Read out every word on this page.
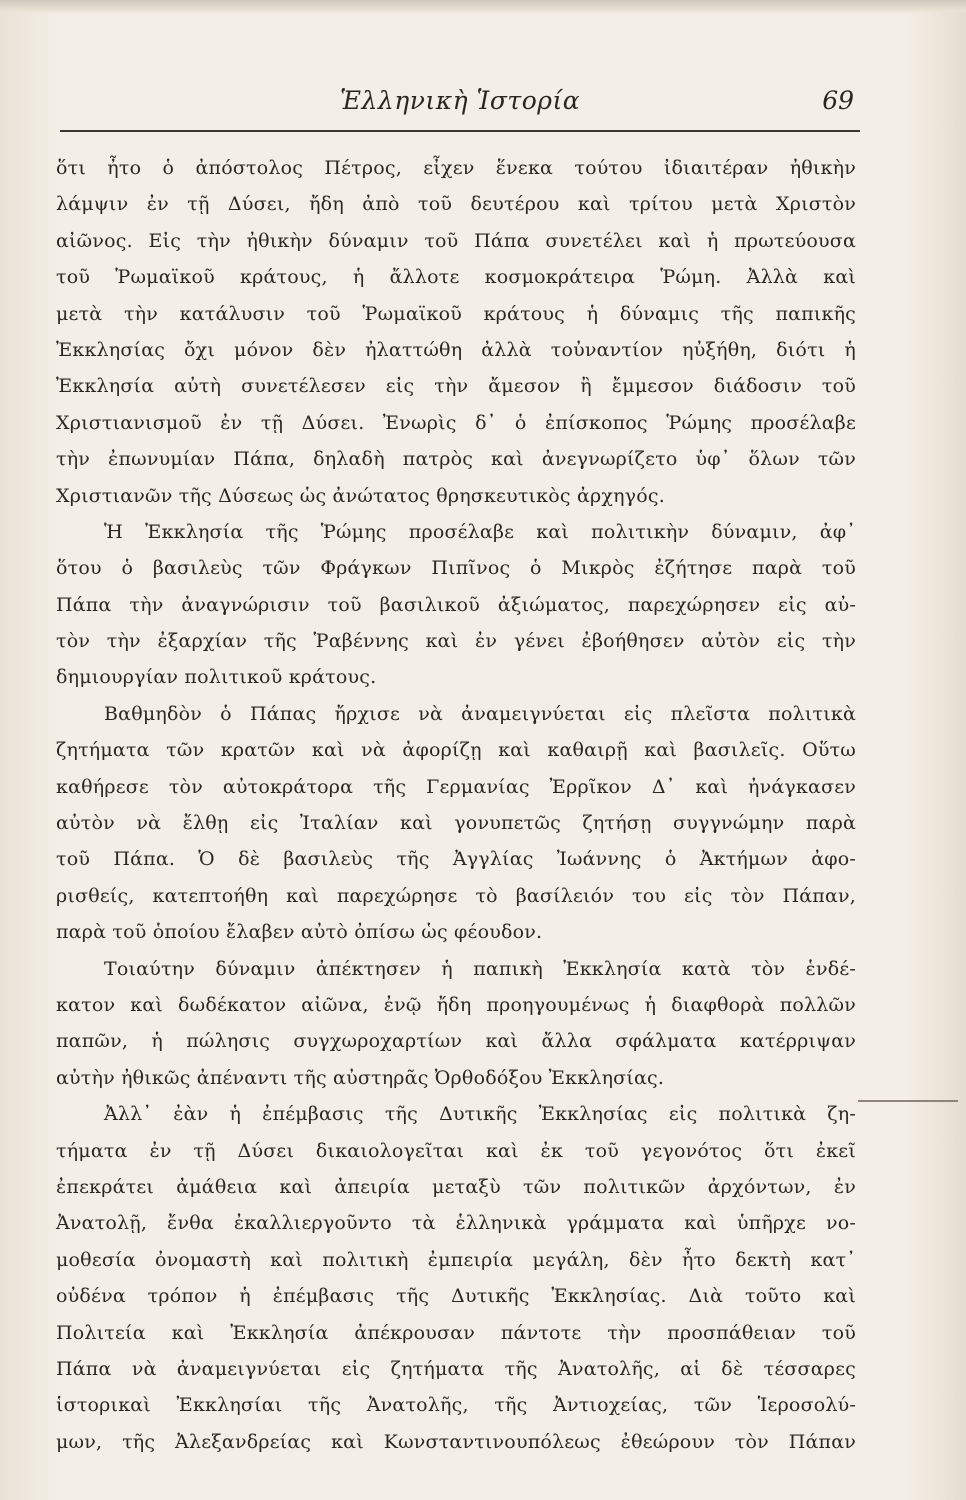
Ἑλληνικὴ Ἱστορία	69
ὅτι ἦτο ὁ ἀπόστολος Πέτρος, εἶχεν ἕνεκα τούτου ἰδιαιτέραν ἠθικὴν
λάμψιν ἐν τῇ Δύσει, ἤδη ἀπὸ τοῦ δευτέρου καὶ τρίτου μετὰ Χριστὸν
αἰῶνος. Εἰς τὴν ἠθικὴν δύναμιν τοῦ Πάπα συνετέλει καὶ ἡ πρωτεύουσα
τοῦ Ῥωμαϊκοῦ κράτους, ἡ ἄλλοτε κοσμοκράτειρα Ῥώμη. Ἀλλὰ καὶ
μετὰ τὴν κατάλυσιν τοῦ Ῥωμαϊκοῦ κράτους ἡ δύναμις τῆς παπικῆς
Ἐκκλησίας ὄχι μόνον δὲν ἠλαττώθη ἀλλὰ τοὐναντίον ηὐξήθη, διότι ἡ
Ἐκκλησία αὐτὴ συνετέλεσεν εἰς τὴν ἄμεσον ἢ ἔμμεσον διάδοσιν τοῦ
Χριστιανισμοῦ ἐν τῇ Δύσει. Ἐνωρὶς δ᾽ ὁ ἐπίσκοπος Ῥώμης προσέλαβε
τὴν ἐπωνυμίαν Πάπα, δηλαδὴ πατρὸς καὶ ἀνεγνωρίζετο ὑφ᾽ ὅλων τῶν
Χριστιανῶν τῆς Δύσεως ὡς ἀνώτατος θρησκευτικὸς ἀρχηγός.
Ἡ Ἐκκλησία τῆς Ῥώμης προσέλαβε καὶ πολιτικὴν δύναμιν, ἀφ᾽
ὅτου ὁ βασιλεὺς τῶν Φράγκων Πιπῖνος ὁ Μικρὸς ἐζήτησε παρὰ τοῦ
Πάπα τὴν ἀναγνώρισιν τοῦ βασιλικοῦ ἀξιώματος, παρεχώρησεν εἰς αὐ-
τὸν τὴν ἐξαρχίαν τῆς Ῥαβέννης καὶ ἐν γένει ἐβοήθησεν αὐτὸν εἰς τὴν
δημιουργίαν πολιτικοῦ κράτους.
Βαθμηδὸν ὁ Πάπας ἤρχισε νὰ ἀναμειγνύεται εἰς πλεῖστα πολιτικὰ
ζητήματα τῶν κρατῶν καὶ νὰ ἀφορίζῃ καὶ καθαιρῇ καὶ βασιλεῖς. Οὕτω
καθήρεσε τὸν αὐτοκράτορα τῆς Γερμανίας Ἐρρῖκον Δ᾽ καὶ ἠνάγκασεν
αὐτὸν νὰ ἔλθῃ εἰς Ἰταλίαν καὶ γονυπετῶς ζητήσῃ συγγνώμην παρὰ
τοῦ Πάπα. Ὁ δὲ βασιλεὺς τῆς Ἀγγλίας Ἰωάννης ὁ Ἀκτήμων ἀφο-
ρισθείς, κατεπτοήθη καὶ παρεχώρησε τὸ βασίλειόν του εἰς τὸν Πάπαν,
παρὰ τοῦ ὁποίου ἔλαβεν αὐτὸ ὀπίσω ὡς φέουδον.
Τοιαύτην δύναμιν ἀπέκτησεν ἡ παπικὴ Ἐκκλησία κατὰ τὸν ἑνδέ-
κατον καὶ δωδέκατον αἰῶνα, ἐνῷ ἤδη προηγουμένως ἡ διαφθορὰ πολλῶν
παπῶν, ἡ πώλησις συγχωροχαρτίων καὶ ἄλλα σφάλματα κατέρριψαν
αὐτὴν ἠθικῶς ἀπέναντι τῆς αὐστηρᾶς Ὀρθοδόξου Ἐκκλησίας.
Ἀλλ᾽ ἐὰν ἡ ἐπέμβασις τῆς Δυτικῆς Ἐκκλησίας εἰς πολιτικὰ ζη-
τήματα ἐν τῇ Δύσει δικαιολογεῖται καὶ ἐκ τοῦ γεγονότος ὅτι ἐκεῖ
ἐπεκράτει ἀμάθεια καὶ ἀπειρία μεταξὺ τῶν πολιτικῶν ἀρχόντων, ἐν
Ἀνατολῇ, ἔνθα ἐκαλλιεργοῦντο τὰ ἑλληνικὰ γράμματα καὶ ὑπῆρχε νο-
μοθεσία ὀνομαστὴ καὶ πολιτικὴ ἐμπειρία μεγάλη, δὲν ἦτο δεκτὴ κατ᾽
οὐδένα τρόπον ἡ ἐπέμβασις τῆς Δυτικῆς Ἐκκλησίας. Διὰ τοῦτο καὶ
Πολιτεία καὶ Ἐκκλησία ἀπέκρουσαν πάντοτε τὴν προσπάθειαν τοῦ
Πάπα νὰ ἀναμειγνύεται εἰς ζητήματα τῆς Ἀνατολῆς, αἱ δὲ τέσσαρες
ἱστορικαὶ Ἐκκλησίαι τῆς Ἀνατολῆς, τῆς Ἀντιοχείας, τῶν Ἱεροσολύ-
μων, τῆς Ἀλεξανδρείας καὶ Κωνσταντινουπόλεως ἐθεώρουν τὸν Πάπαν
